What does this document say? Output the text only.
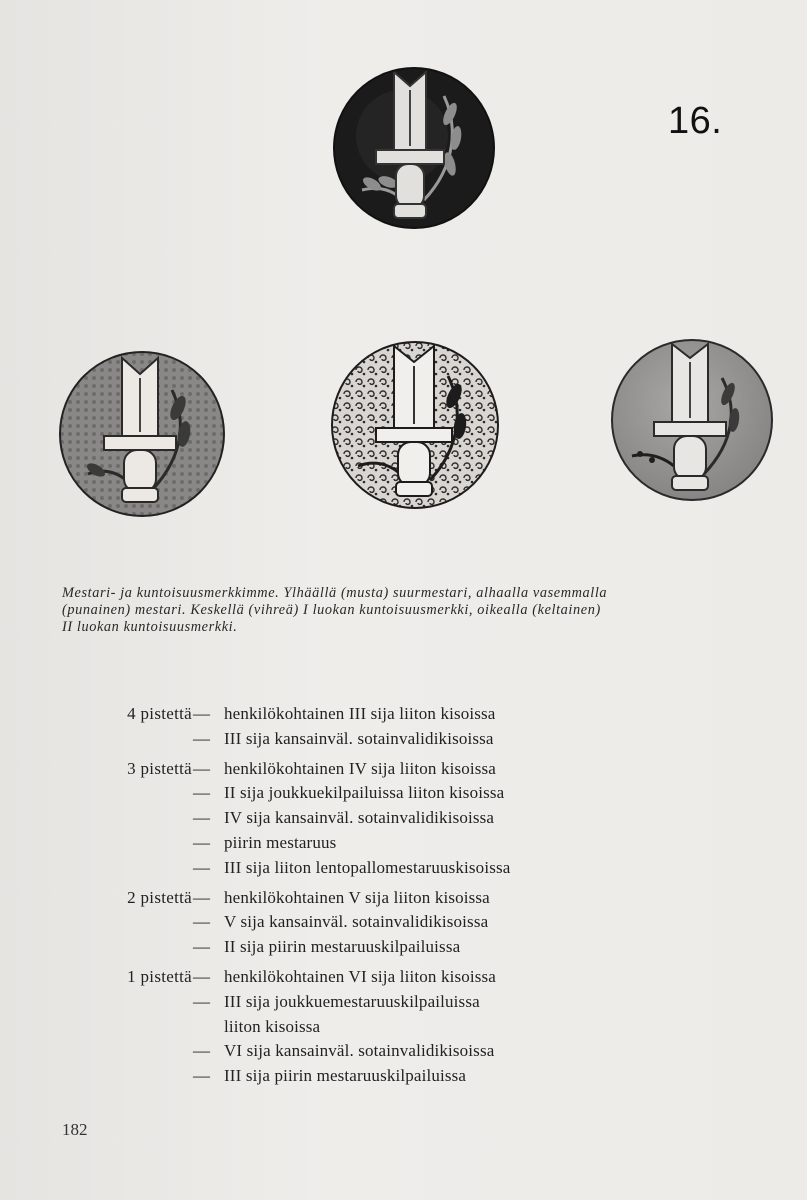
16.
Mestari- ja kuntoisuusmerkkimme. Ylhäällä (musta) suurmestari, alhaalla vasemmalla
(punainen) mestari. Keskellä (vihreä) I luokan kuntoisuusmerkki, oikealla (keltainen)
II luokan kuntoisuusmerkki.
4 pistettä — henkilökohtainen III sija liiton kisoissa
— III sija kansainväl. sotainvalidikisoissa
3 pistettä — henkilökohtainen IV sija liiton kisoissa
— II sija joukkuekilpailuissa liiton kisoissa
— IV sija kansainväl. sotainvalidikisoissa
— piirin mestaruus
— III sija liiton lentopallomestaruuskisoissa
2 pistettä — henkilökohtainen V sija liiton kisoissa
— V sija kansainväl. sotainvalidikisoissa
— II sija piirin mestaruuskilpailuissa
1 pistettä — henkilökohtainen VI sija liiton kisoissa
— III sija joukkuemestaruuskilpailuissa
liiton kisoissa
— VI sija kansainväl. sotainvalidikisoissa
— III sija piirin mestaruuskilpailuissa
182
